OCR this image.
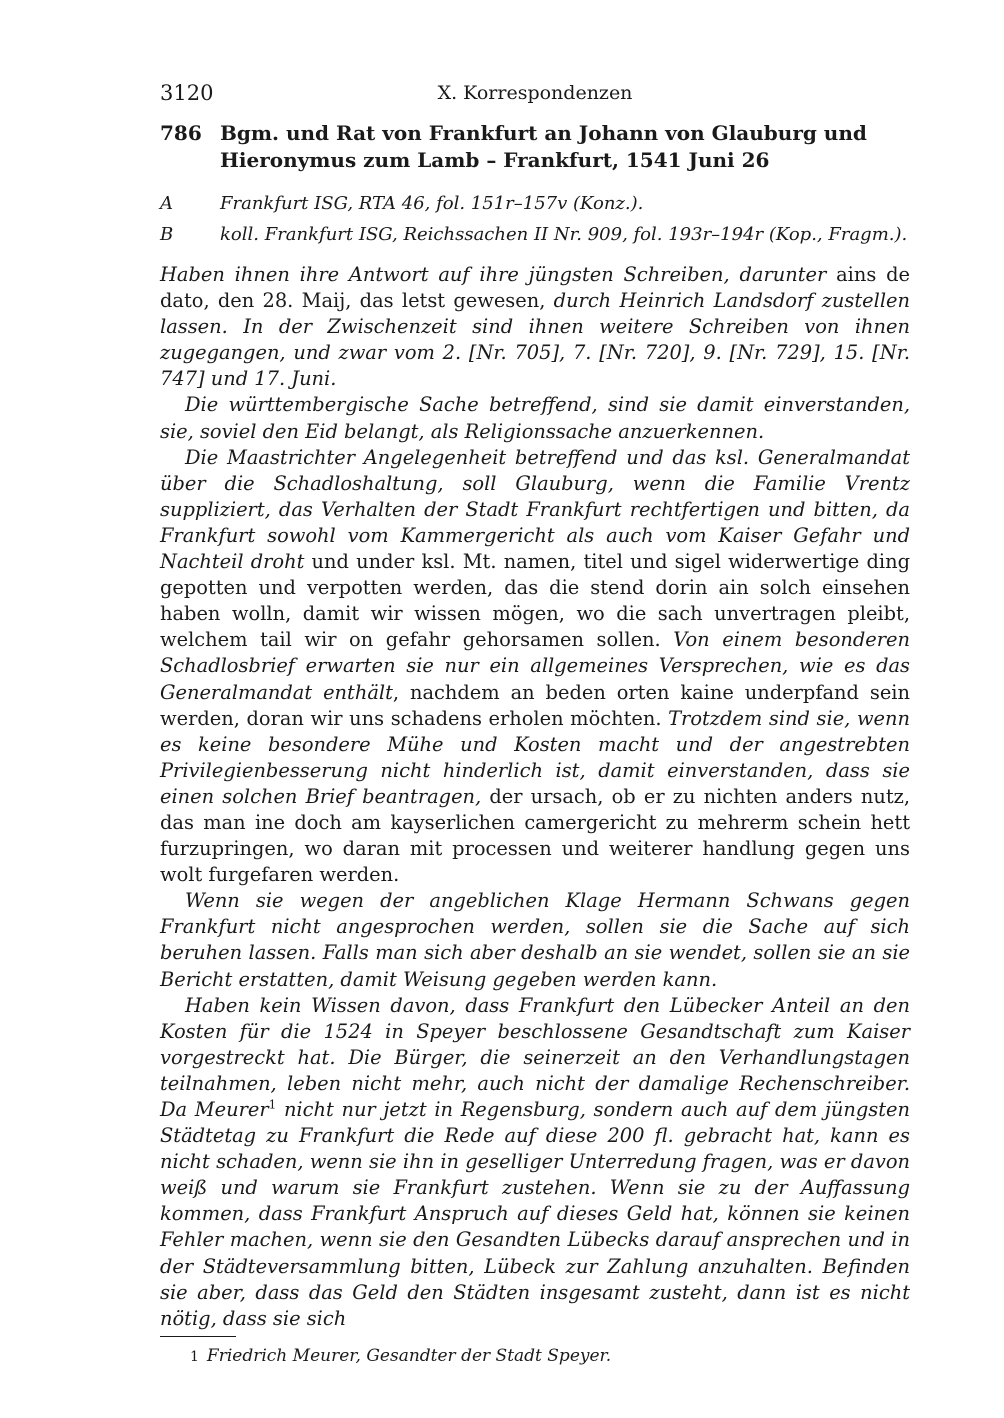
3120	X. Korrespondenzen
786 Bgm. und Rat von Frankfurt an Johann von Glauburg und Hieronymus zum Lamb – Frankfurt, 1541 Juni 26
A	Frankfurt ISG, RTA 46, fol. 151r–157v (Konz.).
B	koll. Frankfurt ISG, Reichssachen II Nr. 909, fol. 193r–194r (Kop., Fragm.).

Haben ihnen ihre Antwort auf ihre jüngsten Schreiben, darunter ains de dato, den 28. Maij, das letst gewesen, durch Heinrich Landsdorf zustellen lassen. In der Zwischenzeit sind ihnen weitere Schreiben von ihnen zugegangen, und zwar vom 2. [Nr. 705], 7. [Nr. 720], 9. [Nr. 729], 15. [Nr. 747] und 17. Juni.

Die württembergische Sache betreffend, sind sie damit einverstanden, sie, soviel den Eid belangt, als Religionssache anzuerkennen.

Die Maastrichter Angelegenheit betreffend und das ksl. Generalmandat über die Schadloshaltung, soll Glauburg, wenn die Familie Vrentz suppliziert, das Verhalten der Stadt Frankfurt rechtfertigen und bitten, da Frankfurt sowohl vom Kammergericht als auch vom Kaiser Gefahr und Nachteil droht und under ksl. Mt. namen, titel und sigel widerwertige ding gepotten und verpotten werden, das die stend dorin ain solch einsehen haben wolln, damit wir wissen mögen, wo die sach unvertragen pleibt, welchem tail wir on gefahr gehorsamen sollen. Von einem besonderen Schadlosbrief erwarten sie nur ein allgemeines Versprechen, wie es das Generalmandat enthält, nachdem an beden orten kaine underpfand sein werden, doran wir uns schadens erholen möchten. Trotzdem sind sie, wenn es keine besondere Mühe und Kosten macht und der angestrebten Privilegienbesserung nicht hinderlich ist, damit einverstanden, dass sie einen solchen Brief beantragen, der ursach, ob er zu nichten anders nutz, das man ine doch am kayserlichen camergericht zu mehrerm schein hett furzupringen, wo daran mit processen und weiterer handlung gegen uns wolt furgefaren werden.

Wenn sie wegen der angeblichen Klage Hermann Schwans gegen Frankfurt nicht angesprochen werden, sollen sie die Sache auf sich beruhen lassen. Falls man sich aber deshalb an sie wendet, sollen sie an sie Bericht erstatten, damit Weisung gegeben werden kann.

Haben kein Wissen davon, dass Frankfurt den Lübecker Anteil an den Kosten für die 1524 in Speyer beschlossene Gesandtschaft zum Kaiser vorgestreckt hat. Die Bürger, die seinerzeit an den Verhandlungstagen teilnahmen, leben nicht mehr, auch nicht der damalige Rechenschreiber. Da Meurer$^1$ nicht nur jetzt in Regensburg, sondern auch auf dem jüngsten Städtetag zu Frankfurt die Rede auf diese 200 fl. gebracht hat, kann es nicht schaden, wenn sie ihn in geselliger Unterredung fragen, was er davon weiß und warum sie Frankfurt zustehen. Wenn sie zu der Auffassung kommen, dass Frankfurt Anspruch auf dieses Geld hat, können sie keinen Fehler machen, wenn sie den Gesandten Lübecks darauf ansprechen und in der Städteversammlung bitten, Lübeck zur Zahlung anzuhalten. Befinden sie aber, dass das Geld den Städten insgesamt zusteht, dann ist es nicht nötig, dass sie sich

1 Friedrich Meurer, Gesandter der Stadt Speyer.
